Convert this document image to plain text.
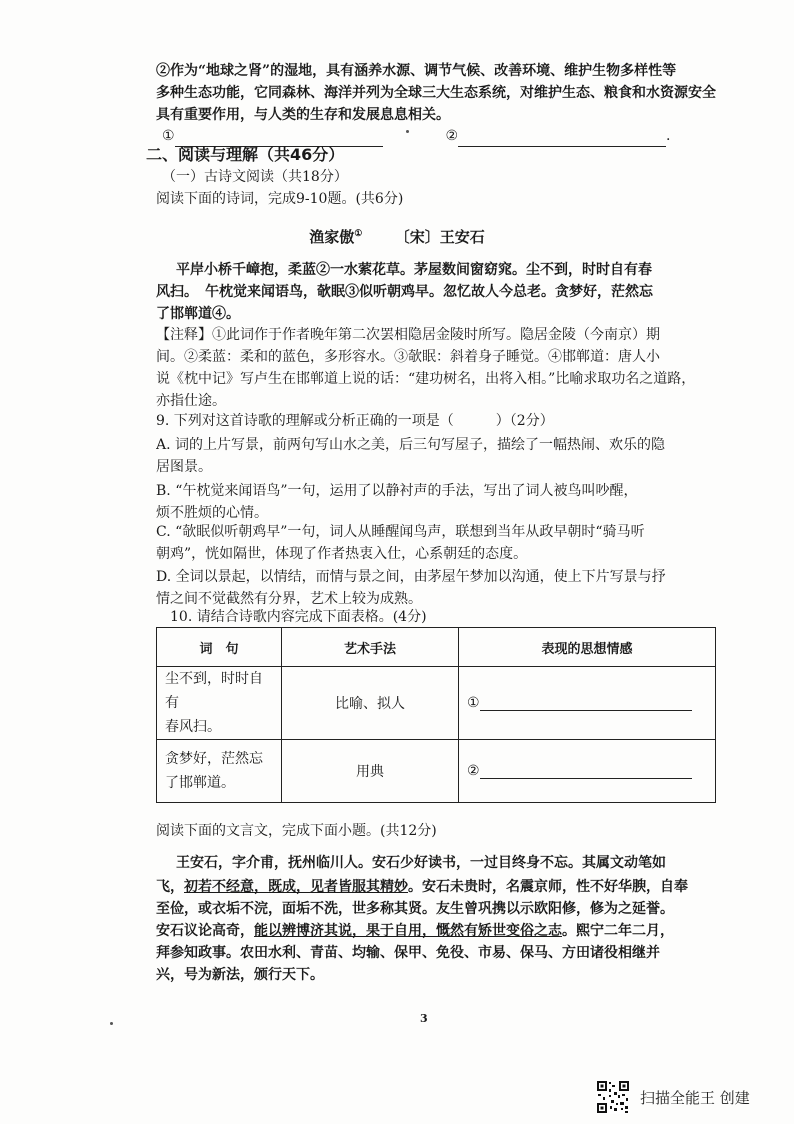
②作为“地球之肾”的湿地，具有涵养水源、调节气候、改善环境、维护生物多样性等
多种生态功能，它同森林、海洋并列为全球三大生态系统，对维护生态、粮食和水资源安全
具有重要作用，与人类的生存和发展息息相关。
①	②	.
二、阅读与理解（共46分）
（一）古诗文阅读（共18分）
阅读下面的诗词，完成9-10题。(共6分)
渔家傲① 〔宋〕王安石
平岸小桥千嶂抱，柔蓝②一水萦花草。茅屋数间窗窈窕。尘不到，时时自有春
风扫。　午枕觉来闻语鸟，欹眠③似听朝鸡早。忽忆故人今总老。贪梦好，茫然忘
了邯郸道④。
【注释】①此词作于作者晚年第二次罢相隐居金陵时所写。隐居金陵（今南京）期
间。②柔蓝：柔和的蓝色，多形容水。③欹眠：斜着身子睡觉。④邯郸道：唐人小
说《枕中记》写卢生在邯郸道上说的话：“建功树名，出将入相。”比喻求取功名之道路，
亦指仕途。
9. 下列对这首诗歌的理解或分析正确的一项是（　　　）（2分）
A. 词的上片写景，前两句写山水之美，后三句写屋子，描绘了一幅热闹、欢乐的隐
居图景。
B. “午枕觉来闻语鸟”一句，运用了以静衬声的手法，写出了词人被鸟叫吵醒，
烦不胜烦的心情。
C. “欹眠似听朝鸡早”一句，词人从睡醒闻鸟声，联想到当年从政早朝时“骑马听
朝鸡”，恍如隔世，体现了作者热衷入仕，心系朝廷的态度。
D. 全词以景起，以情结，而情与景之间，由茅屋午梦加以沟通，使上下片写景与抒
情之间不觉截然有分界，艺术上较为成熟。
10. 请结合诗歌内容完成下面表格。(4分)
词　句	艺术手法	表现的思想情感

尘不到，时时自有
春风扫。	比喻、拟人	①

贪梦好，茫然忘
了邯郸道。	用典	②
阅读下面的文言文，完成下面小题。(共12分)
王安石，字介甫，抚州临川人。安石少好读书，一过目终身不忘。其属文动笔如
飞，初若不经意，既成，见者皆服其精妙。安石未贵时，名震京师，性不好华腴，自奉
至俭，或衣垢不浣，面垢不洗，世多称其贤。友生曾巩携以示欧阳修，修为之延誉。
安石议论高奇，能以辨博济其说，果于自用，慨然有矫世变俗之志。熙宁二年二月，
拜参知政事。农田水利、青苗、均输、保甲、免役、市易、保马、方田诸役相继并
兴，号为新法，颁行天下。
3
扫描全能王 创建
